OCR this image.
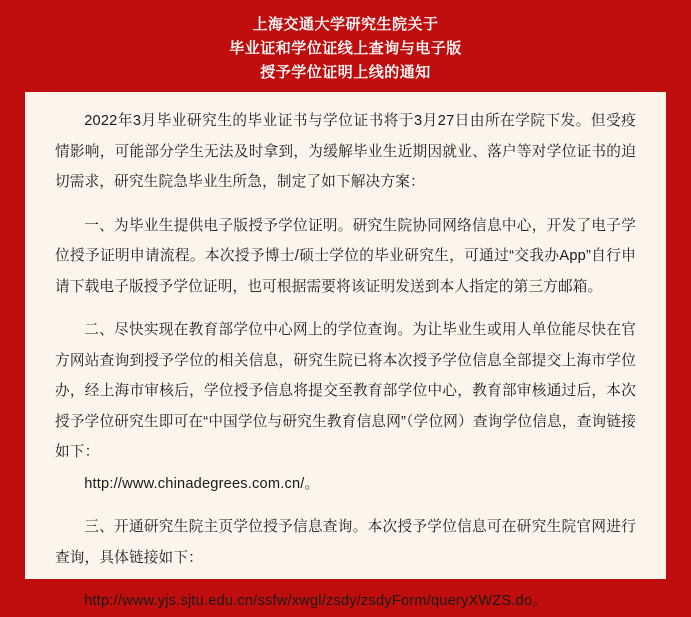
上海交通大学研究生院关于
毕业证和学位证线上查询与电子版
授予学位证明上线的通知

2022年3月毕业研究生的毕业证书与学位证书将于3月27日由所在学院下发。但受疫情影响，可能部分学生无法及时拿到，为缓解毕业生近期因就业、落户等对学位证书的迫切需求，研究生院急毕业生所急，制定了如下解决方案：

一、为毕业生提供电子版授予学位证明。研究生院协同网络信息中心，开发了电子学位授予证明申请流程。本次授予博士/硕士学位的毕业研究生，可通过“交我办App”自行申请下载电子版授予学位证明，也可根据需要将该证明发送到本人指定的第三方邮箱。

二、尽快实现在教育部学位中心网上的学位查询。为让毕业生或用人单位能尽快在官方网站查询到授予学位的相关信息，研究生院已将本次授予学位信息全部提交上海市学位办，经上海市审核后，学位授予信息将提交至教育部学位中心，教育部审核通过后，本次授予学位研究生即可在“中国学位与研究生教育信息网”（学位网）查询学位信息，查询链接如下：

http://www.chinadegrees.com.cn/。

三、开通研究生院主页学位授予信息查询。本次授予学位信息可在研究生院官网进行查询，具体链接如下：

http://www.yjs.sjtu.edu.cn/ssfw/xwgl/zsdy/zsdyForm/queryXWZS.do。
